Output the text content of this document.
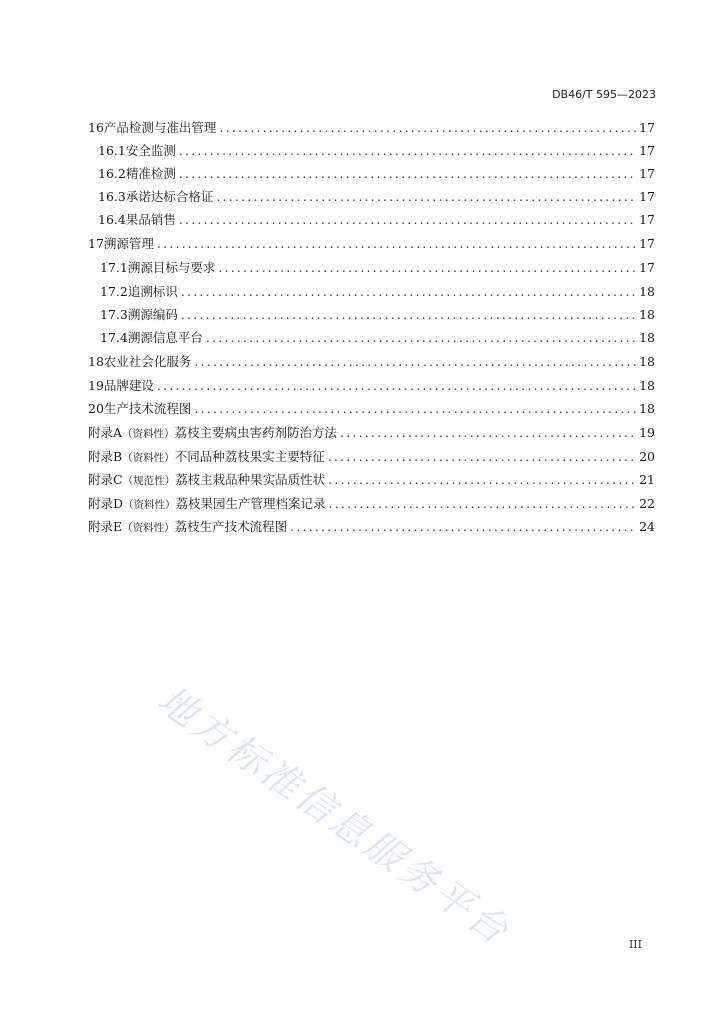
DB46/T 595—2023
16 产品检测与准出管理 .....	17
16.1 安全监测 .....	17
16.2 精准检测 .....	17
16.3 承诺达标合格证 .....	17
16.4 果品销售 .....	17
17 溯源管理 .....	17
17.1 溯源目标与要求 .....	17
17.2 追溯标识 .....	18
17.3 溯源编码 .....	18
17.4 溯源信息平台 .....	18
18 农业社会化服务 .....	18
19 品牌建设 .....	18
20 生产技术流程图 .....	18
附录A （资料性） 荔枝主要病虫害药剂防治方法 .....	19
附录B （资料性） 不同品种荔枝果实主要特征 .....	20
附录C （规范性） 荔枝主栽品种果实品质性状 .....	21
附录D （资料性） 荔枝果园生产管理档案记录 .....	22
附录E （资料性） 荔枝生产技术流程图 .....	24
地方标准信息服务平台	III
